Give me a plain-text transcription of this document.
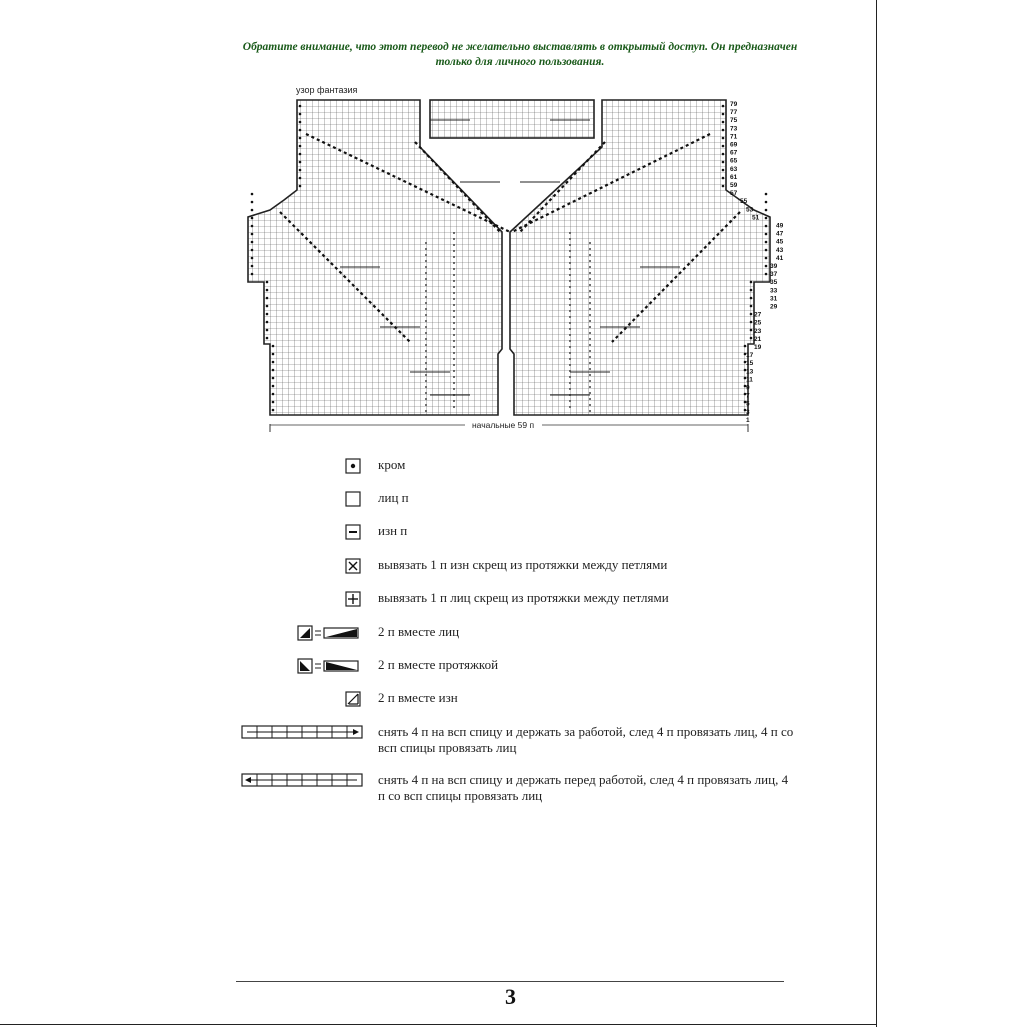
Обратите внимание, что этот перевод не желательно выставлять в открытый доступ. Он предназначен только для личного пользования.
узор фантазия
79
77
75
73
71
69
67
65
63
61
59
57
55
53
51
49
47
45
43
41
39
37
35
33
31
29
27
25
23
21
19
17
15
13
11
9
7
5
3
1
начальные 59 п
кром
лиц п
изн п
вывязать 1 п изн скрещ из протяжки между петлями
вывязать 1 п лиц скрещ из протяжки между петлями
2 п вместе лиц
2 п вместе протяжкой
2 п вместе изн
снять 4 п на всп спицу и держать за работой, след 4 п провязать лиц, 4 п со всп спицы провязать лиц
снять 4 п на всп спицу и держать перед работой, след 4 п провязать лиц, 4 п со всп спицы провязать лиц
3
